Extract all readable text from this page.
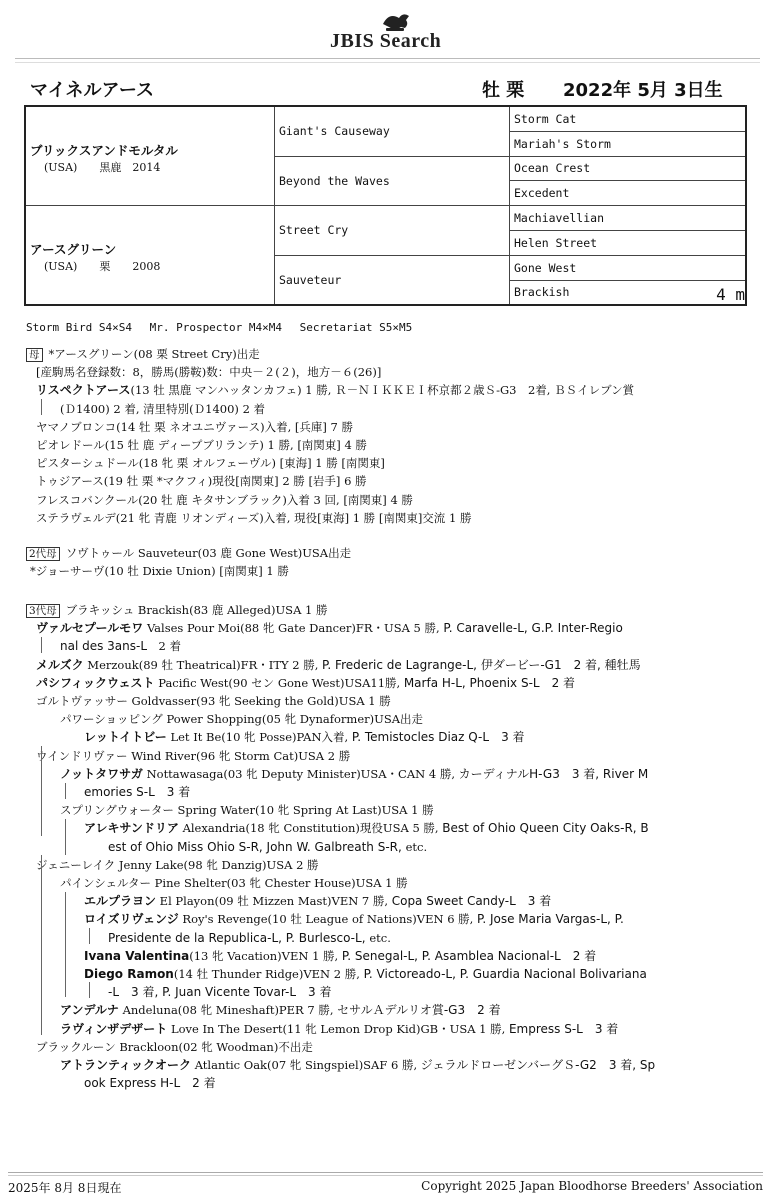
JBIS Search
マイネルアース	牡 栗 2022年 5月 3日生
ブリックスアンドモルタル
(USA)　　黒鹿　2014	Giant's Causeway	Storm Cat
		Mariah's Storm
	Beyond the Waves	Ocean Crest
		Excedent

アースグリーン
(USA)　　栗　　2008	Street Cry	Machiavellian
		Helen Street
	Sauveteur	Gone West
		Brackish 4 m
Storm Bird S4×S4　 Mr. Prospector M4×M4　 Secretariat S5×M5
母 *アースグリーン(08 栗 Street Cry)出走
[産駒馬名登録数：8，勝馬(勝鞍)数：中央－２(２)，地方－６(26)]
リスペクトアース(13 牡 黒鹿 マンハッタンカフェ) 1 勝, Ｒ－ＮＩＫＫＥＩ杯京都２歳Ｓ-G3　2着, ＢＳイレブン賞
(Ｄ1400) 2 着, 清里特別(Ｄ1400) 2 着
ヤマノブロンコ(14 牡 栗 ネオユニヴァース)入着, [兵庫] 7 勝
ピオレドール(15 牡 鹿 ディープブリランテ) 1 勝, [南関東] 4 勝
ピスターシュドール(18 牝 栗 オルフェーヴル) [東海] 1 勝 [南関東]
トゥジアース(19 牡 栗 *マクフィ)現役[南関東] 2 勝 [岩手] 6 勝
フレスコバンクール(20 牡 鹿 キタサンブラック)入着 3 回, [南関東] 4 勝
ステラヴェルデ(21 牝 青鹿 リオンディーズ)入着, 現役[東海] 1 勝 [南関東]交流 1 勝
2代母 ソヴトゥール Sauveteur(03 鹿 Gone West)USA出走
*ジョーサーヴ(10 牡 Dixie Union) [南関東] 1 勝
3代母 ブラキッシュ Brackish(83 鹿 Alleged)USA 1 勝
ヴァルセプールモワ Valses Pour Moi(88 牝 Gate Dancer)FR・USA 5 勝, P. Caravelle-L, G.P. Inter-Regio
nal des 3ans-L　2 着
メルズク Merzouk(89 牡 Theatrical)FR・ITY 2 勝, P. Frederic de Lagrange-L, 伊ダービー-G1　2 着, 種牡馬
パシフィックウェスト Pacific West(90 セン Gone West)USA11勝, Marfa H-L, Phoenix S-L　2 着
ゴルトヴァッサー Goldvasser(93 牝 Seeking the Gold)USA 1 勝
パワーショッピング Power Shopping(05 牝 Dynaformer)USA出走
レットイトビー Let It Be(10 牝 Posse)PAN入着, P. Temistocles Diaz Q-L　3 着
ウインドリヴァー Wind River(96 牝 Storm Cat)USA 2 勝
ノットタワサガ Nottawasaga(03 牝 Deputy Minister)USA・CAN 4 勝, カーディナルH-G3　3 着, River M
emories S-L　3 着
スプリングウォーター Spring Water(10 牝 Spring At Last)USA 1 勝
アレキサンドリア Alexandria(18 牝 Constitution)現役USA 5 勝, Best of Ohio Queen City Oaks-R, B
est of Ohio Miss Ohio S-R, John W. Galbreath S-R, etc.
ジェニーレイク Jenny Lake(98 牝 Danzig)USA 2 勝
パインシェルター Pine Shelter(03 牝 Chester House)USA 1 勝
エルプラヨン El Playon(09 牡 Mizzen Mast)VEN 7 勝, Copa Sweet Candy-L　3 着
ロイズリヴェンジ Roy's Revenge(10 牡 League of Nations)VEN 6 勝, P. Jose Maria Vargas-L, P.
Presidente de la Republica-L, P. Burlesco-L, etc.
Ivana Valentina(13 牝 Vacation)VEN 1 勝, P. Senegal-L, P. Asamblea Nacional-L　2 着
Diego Ramon(14 牡 Thunder Ridge)VEN 2 勝, P. Victoreado-L, P. Guardia Nacional Bolivariana
-L　3 着, P. Juan Vicente Tovar-L　3 着
アンデルナ Andeluna(08 牝 Mineshaft)PER 7 勝, セサルＡデルリオ賞-G3　2 着
ラヴィンザデザート Love In The Desert(11 牝 Lemon Drop Kid)GB・USA 1 勝, Empress S-L　3 着
ブラックルーン Brackloon(02 牝 Woodman)不出走
アトランティックオーク Atlantic Oak(07 牝 Singspiel)SAF 6 勝, ジェラルドローゼンバーグＳ-G2　3 着, Sp
ook Express H-L　2 着
2025年 8月 8日現在	Copyright 2025 Japan Bloodhorse Breeders' Association
